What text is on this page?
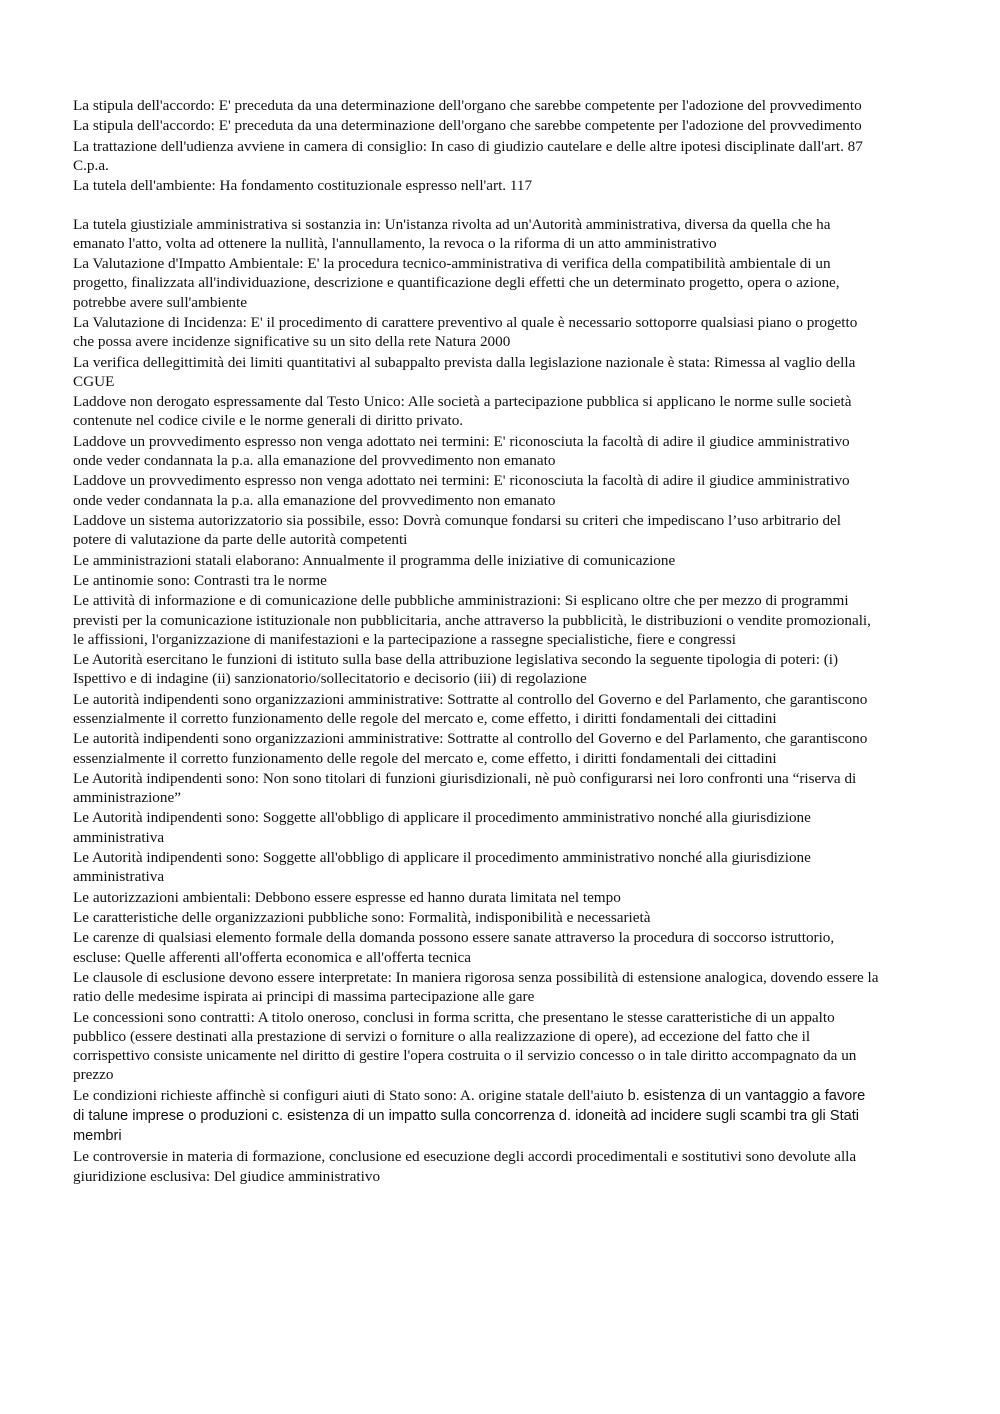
La stipula dell'accordo: E' preceduta da una determinazione dell'organo che sarebbe competente per l'adozione del provvedimento

La stipula dell'accordo: E' preceduta da una determinazione dell'organo che sarebbe competente per l'adozione del provvedimento

La trattazione dell'udienza avviene in camera di consiglio: In caso di giudizio cautelare e delle altre ipotesi disciplinate dall'art. 87 C.p.a.

La tutela dell'ambiente: Ha fondamento costituzionale espresso nell'art. 117

La tutela giustiziale amministrativa si sostanzia in: Un'istanza rivolta ad un'Autorità amministrativa, diversa da quella che ha emanato l'atto, volta ad ottenere la nullità, l'annullamento, la revoca o la riforma di un atto amministrativo

La Valutazione d'Impatto Ambientale: E' la procedura tecnico-amministrativa di verifica della compatibilità ambientale di un progetto, finalizzata all'individuazione, descrizione e quantificazione degli effetti che un determinato progetto, opera o azione, potrebbe avere sull'ambiente

La Valutazione di Incidenza: E' il procedimento di carattere preventivo al quale è necessario sottoporre qualsiasi piano o progetto che possa avere incidenze significative su un sito della rete Natura 2000

La verifica dellegittimità dei limiti quantitativi al subappalto prevista dalla legislazione nazionale è stata: Rimessa al vaglio della CGUE

Laddove non derogato espressamente dal Testo Unico: Alle società a partecipazione pubblica si applicano le norme sulle società contenute nel codice civile e le norme generali di diritto privato.

Laddove un provvedimento espresso non venga adottato nei termini: E' riconosciuta la facoltà di adire il giudice amministrativo onde veder condannata la p.a. alla emanazione del provvedimento non emanato

Laddove un provvedimento espresso non venga adottato nei termini: E' riconosciuta la facoltà di adire il giudice amministrativo onde veder condannata la p.a. alla emanazione del provvedimento non emanato

Laddove un sistema autorizzatorio sia possibile, esso: Dovrà comunque fondarsi su criteri che impediscano l’uso arbitrario del potere di valutazione da parte delle autorità competenti

Le amministrazioni statali elaborano: Annualmente il programma delle iniziative di comunicazione

Le antinomie sono: Contrasti tra le norme

Le attività di informazione e di comunicazione delle pubbliche amministrazioni: Si esplicano oltre che per mezzo di programmi previsti per la comunicazione istituzionale non pubblicitaria, anche attraverso la pubblicità, le distribuzioni o vendite promozionali, le affissioni, l'organizzazione di manifestazioni e la partecipazione a rassegne specialistiche, fiere e congressi

Le Autorità esercitano le funzioni di istituto sulla base della attribuzione legislativa secondo la seguente tipologia di poteri: (i) Ispettivo e di indagine (ii) sanzionatorio/sollecitatorio e decisorio (iii) di regolazione

Le autorità indipendenti sono organizzazioni amministrative: Sottratte al controllo del Governo e del Parlamento, che garantiscono essenzialmente il corretto funzionamento delle regole del mercato e, come effetto, i diritti fondamentali dei cittadini

Le autorità indipendenti sono organizzazioni amministrative: Sottratte al controllo del Governo e del Parlamento, che garantiscono essenzialmente il corretto funzionamento delle regole del mercato e, come effetto, i diritti fondamentali dei cittadini

Le Autorità indipendenti sono: Non sono titolari di funzioni giurisdizionali, nè può configurarsi nei loro confronti una “riserva di amministrazione”

Le Autorità indipendenti sono: Soggette all'obbligo di applicare il procedimento amministrativo nonché alla giurisdizione amministrativa

Le Autorità indipendenti sono: Soggette all'obbligo di applicare il procedimento amministrativo nonché alla giurisdizione amministrativa

Le autorizzazioni ambientali: Debbono essere espresse ed hanno durata limitata nel tempo

Le caratteristiche delle organizzazioni pubbliche sono: Formalità, indisponibilità e necessarietà

Le carenze di qualsiasi elemento formale della domanda possono essere sanate attraverso la procedura di soccorso istruttorio, escluse: Quelle afferenti all'offerta economica e all'offerta tecnica

Le clausole di esclusione devono essere interpretate: In maniera rigorosa senza possibilità di estensione analogica, dovendo essere la ratio delle medesime ispirata ai principi di massima partecipazione alle gare

Le concessioni sono contratti: A titolo oneroso, conclusi in forma scritta, che presentano le stesse caratteristiche di un appalto pubblico (essere destinati alla prestazione di servizi o forniture o alla realizzazione di opere), ad eccezione del fatto che il corrispettivo consiste unicamente nel diritto di gestire l'opera costruita o il servizio concesso o in tale diritto accompagnato da un prezzo

Le condizioni richieste affinchè si configuri aiuti di Stato sono: A. origine statale dell'aiuto b. esistenza di un vantaggio a favore di talune imprese o produzioni c. esistenza di un impatto sulla concorrenza d. idoneità ad incidere sugli scambi tra gli Stati membri

Le controversie in materia di formazione, conclusione ed esecuzione degli accordi procedimentali e sostitutivi sono devolute alla giuridizione esclusiva: Del giudice amministrativo
